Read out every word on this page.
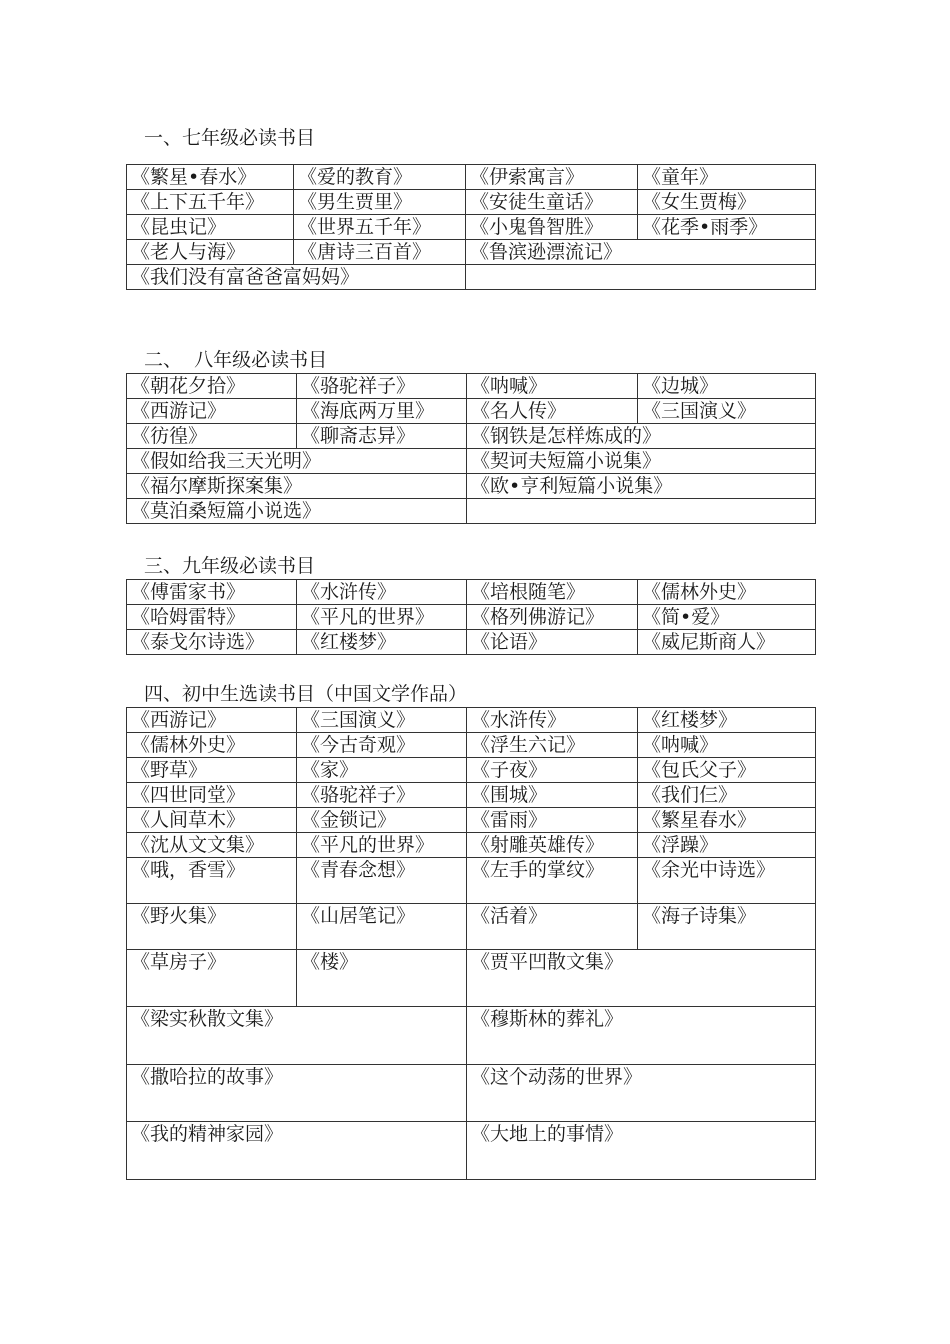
一、七年级必读书目
《繁星•春水》	《爱的教育》	《伊索寓言》	《童年》
《上下五千年》	《男生贾里》	《安徒生童话》	《女生贾梅》
《昆虫记》	《世界五千年》	《小鬼鲁智胜》	《花季•雨季》
《老人与海》	《唐诗三百首》	《鲁滨逊漂流记》	
《我们没有富爸爸富妈妈》			
二、  八年级必读书目
《朝花夕拾》	《骆驼祥子》	《呐喊》	《边城》
《西游记》	《海底两万里》	《名人传》	《三国演义》
《彷徨》	《聊斋志异》	《钢铁是怎样炼成的》	
《假如给我三天光明》		《契诃夫短篇小说集》	
《福尔摩斯探案集》		《欧•亨利短篇小说集》	
《莫泊桑短篇小说选》			
三、九年级必读书目
《傅雷家书》	《水浒传》	《培根随笔》	《儒林外史》
《哈姆雷特》	《平凡的世界》	《格列佛游记》	《简•爱》
《泰戈尔诗选》	《红楼梦》	《论语》	《威尼斯商人》
四、初中生选读书目（中国文学作品）
《西游记》	《三国演义》	《水浒传》	《红楼梦》
《儒林外史》	《今古奇观》	《浮生六记》	《呐喊》
《野草》	《家》	《子夜》	《包氏父子》
《四世同堂》	《骆驼祥子》	《围城》	《我们仨》
《人间草木》	《金锁记》	《雷雨》	《繁星春水》
《沈从文文集》	《平凡的世界》	《射雕英雄传》	《浮躁》
《哦，香雪》	《青春念想》	《左手的掌纹》	《余光中诗选》
《野火集》	《山居笔记》	《活着》	《海子诗集》
《草房子》	《楼》	《贾平凹散文集》	
《梁实秋散文集》		《穆斯林的葬礼》	
《撒哈拉的故事》		《这个动荡的世界》	
《我的精神家园》		《大地上的事情》	
